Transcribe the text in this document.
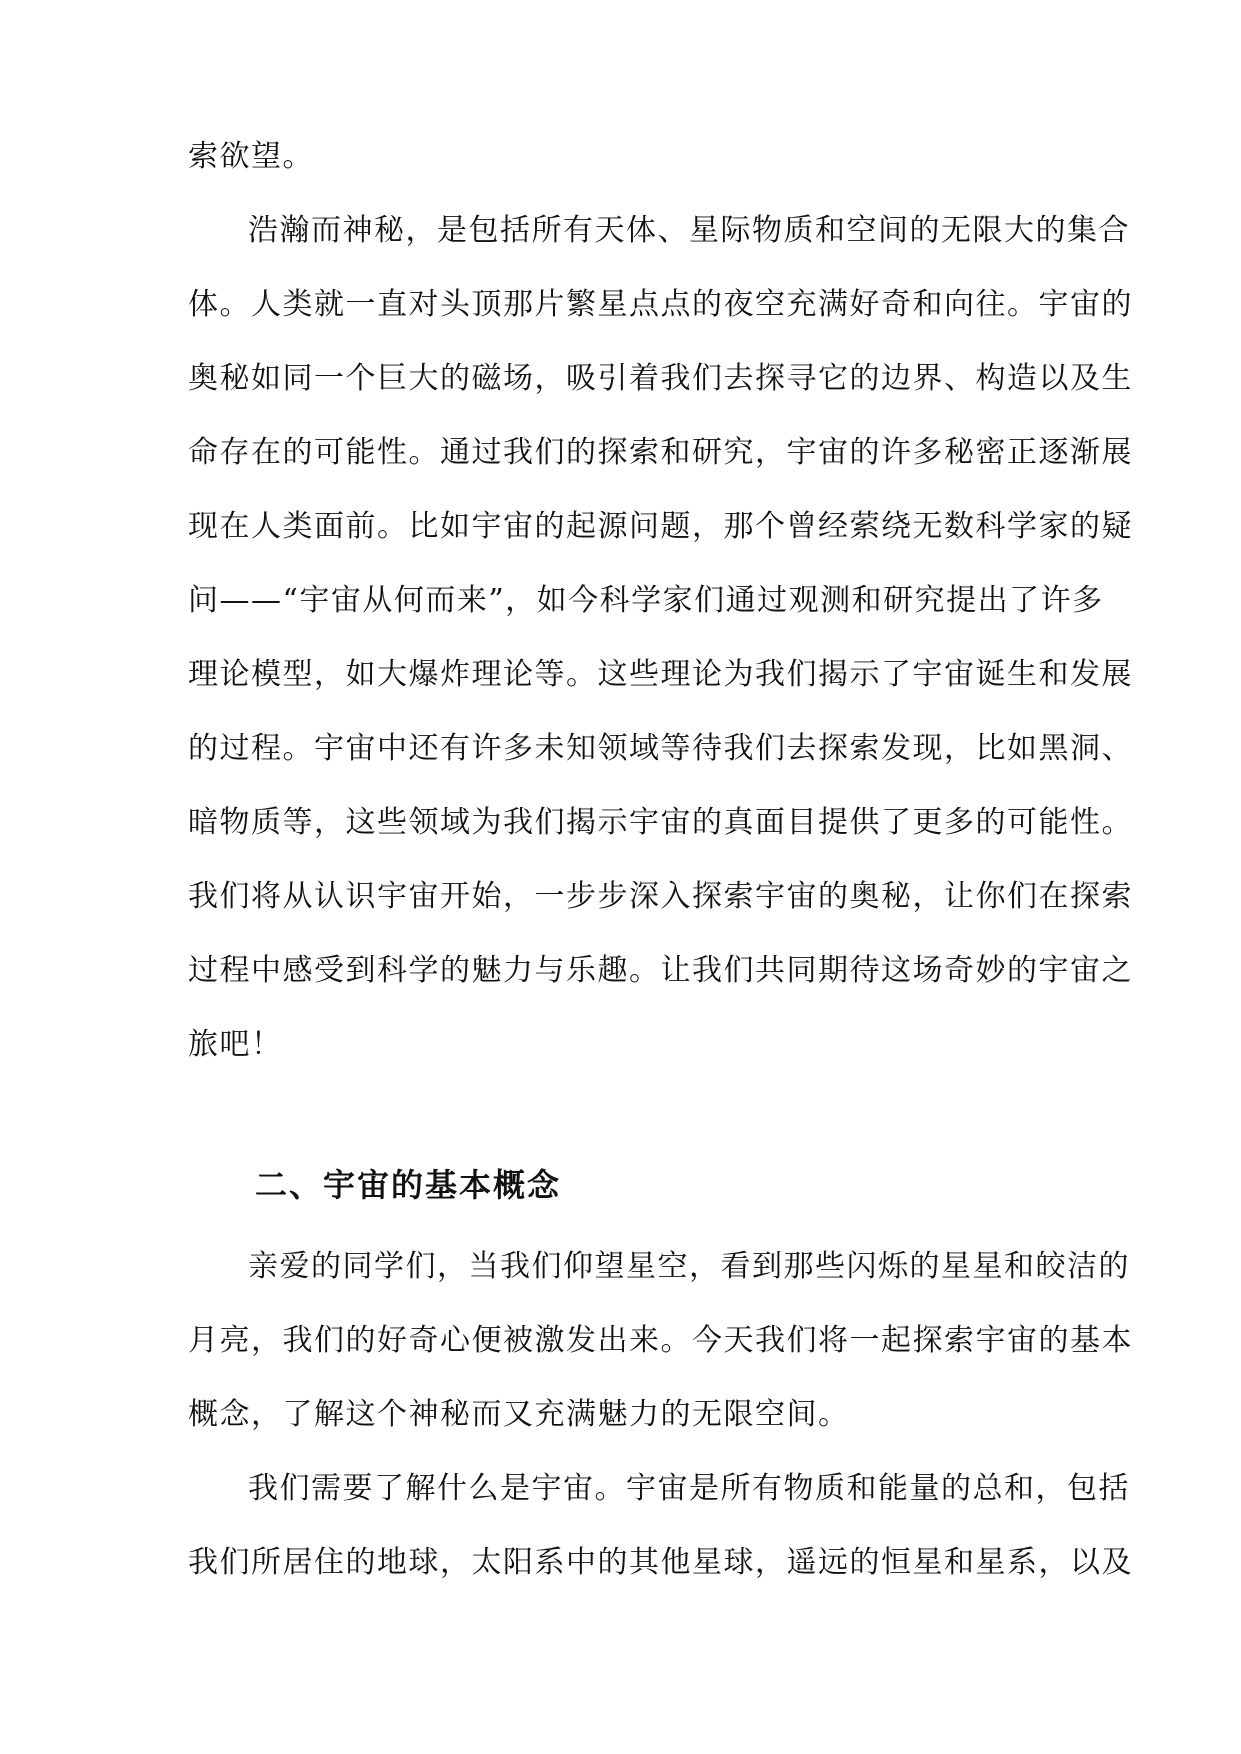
索欲望。

浩瀚而神秘，是包括所有天体、星际物质和空间的无限大的集合
体。人类就一直对头顶那片繁星点点的夜空充满好奇和向往。宇宙的
奥秘如同一个巨大的磁场，吸引着我们去探寻它的边界、构造以及生
命存在的可能性。通过我们的探索和研究，宇宙的许多秘密正逐渐展
现在人类面前。比如宇宙的起源问题，那个曾经萦绕无数科学家的疑
问——“宇宙从何而来”，如今科学家们通过观测和研究提出了许多
理论模型，如大爆炸理论等。这些理论为我们揭示了宇宙诞生和发展
的过程。宇宙中还有许多未知领域等待我们去探索发现，比如黑洞、
暗物质等，这些领域为我们揭示宇宙的真面目提供了更多的可能性。
我们将从认识宇宙开始，一步步深入探索宇宙的奥秘，让你们在探索
过程中感受到科学的魅力与乐趣。让我们共同期待这场奇妙的宇宙之
旅吧！

二、宇宙的基本概念

亲爱的同学们，当我们仰望星空，看到那些闪烁的星星和皎洁的
月亮，我们的好奇心便被激发出来。今天我们将一起探索宇宙的基本
概念，了解这个神秘而又充满魅力的无限空间。

我们需要了解什么是宇宙。宇宙是所有物质和能量的总和，包括
我们所居住的地球，太阳系中的其他星球，遥远的恒星和星系，以及
